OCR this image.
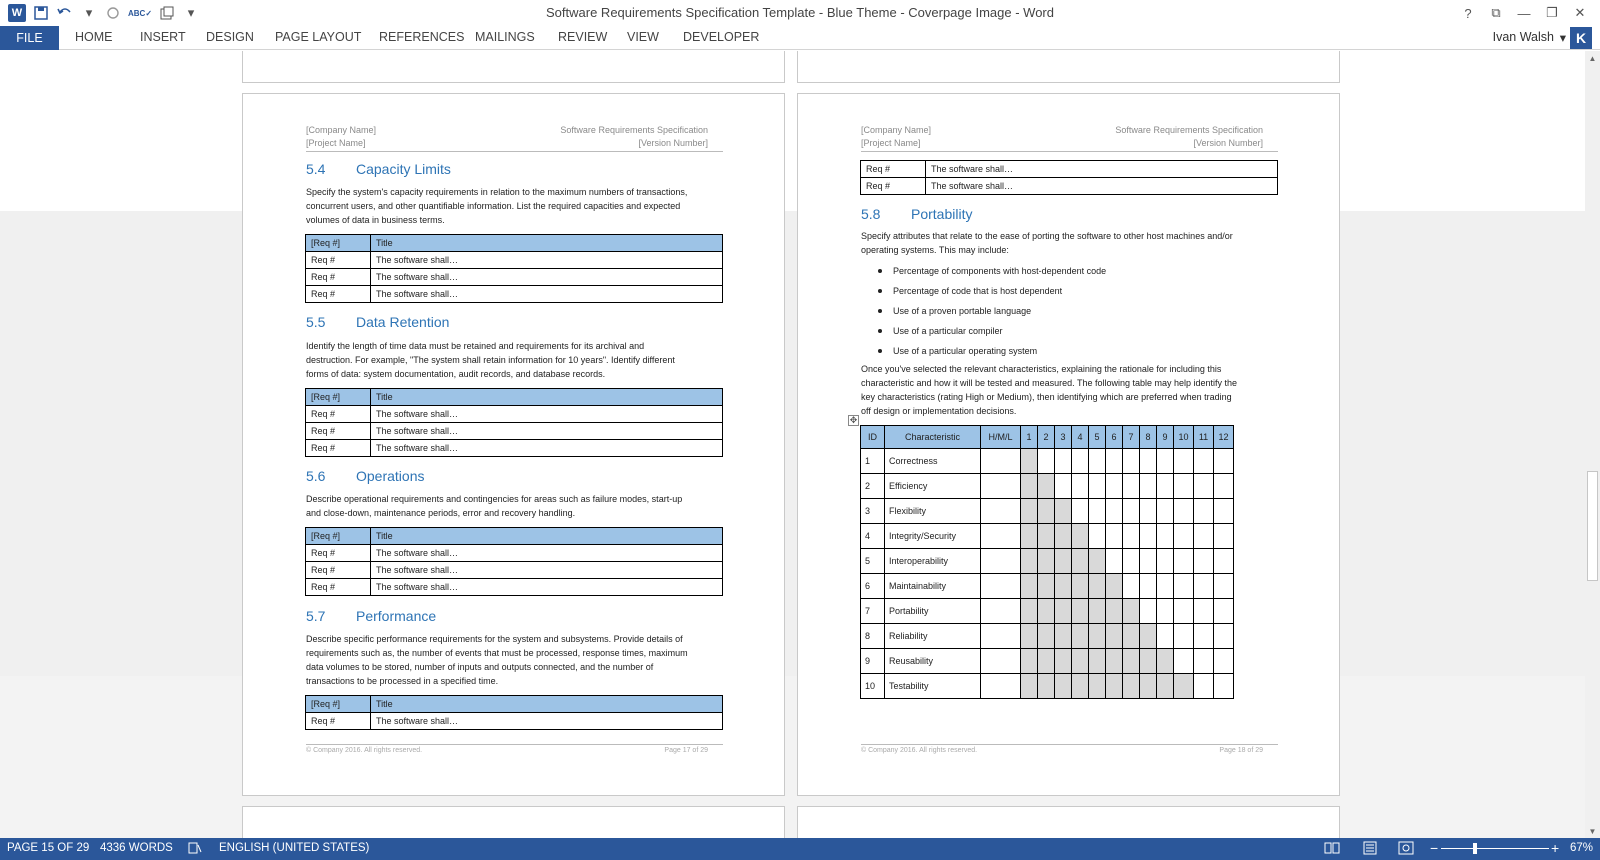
W	▾	ABC✓	▾	Software Requirements Specification Template - Blue Theme - Coverpage Image - Word	?	⧉	—	❐	✕
FILE	HOME INSERT DESIGN PAGE LAYOUT REFERENCES MAILINGS REVIEW VIEW DEVELOPER	Ivan Walsh ▾ K
[Company Name]
[Project Name]
Software Requirements Specification
[Version Number]
5.4 Capacity Limits
Specify the system's capacity requirements in relation to the maximum numbers of transactions,
concurrent users, and other quantifiable information. List the required capacities and expected
volumes of data in business terms.
[Req #]	Title
Req #	The software shall…
Req #	The software shall…
Req #	The software shall…
5.5 Data Retention
Identify the length of time data must be retained and requirements for its archival and
destruction. For example, "The system shall retain information for 10 years". Identify different
forms of data: system documentation, audit records, and database records.
[Req #]	Title
Req #	The software shall…
Req #	The software shall…
Req #	The software shall…
5.6 Operations
Describe operational requirements and contingencies for areas such as failure modes, start-up
and close-down, maintenance periods, error and recovery handling.
[Req #]	Title
Req #	The software shall…
Req #	The software shall…
Req #	The software shall…
5.7 Performance
Describe specific performance requirements for the system and subsystems. Provide details of
requirements such as, the number of events that must be processed, response times, maximum
data volumes to be stored, number of inputs and outputs connected, and the number of
transactions to be processed in a specified time.
[Req #]	Title
Req #	The software shall…
© Company 2016. All rights reserved.	Page 17 of 29
[Company Name]
[Project Name]
Software Requirements Specification
[Version Number]
Req #	The software shall…
Req #	The software shall…
5.8 Portability
Specify attributes that relate to the ease of porting the software to other host machines and/or
operating systems. This may include:
Percentage of components with host-dependent code
Percentage of code that is host dependent
Use of a proven portable language
Use of a particular compiler
Use of a particular operating system
Once you've selected the relevant characteristics, explaining the rationale for including this
characteristic and how it will be tested and measured. The following table may help identify the
key characteristics (rating High or Medium), then identifying which are preferred when trading
off design or implementation decisions.
✥
ID	Characteristic	H/M/L	1	2	3	4	5	6	7	8	9	10	11	12
1	Correctness													
2	Efficiency													
3	Flexibility													
4	Integrity/Security													
5	Interoperability													
6	Maintainability													
7	Portability													
8	Reliability													
9	Reusability													
10	Testability													
© Company 2016. All rights reserved.	Page 18 of 29
▲
▼
PAGE 15 OF 29 4336 WORDS	ENGLISH (UNITED STATES)	−	+ 67%
